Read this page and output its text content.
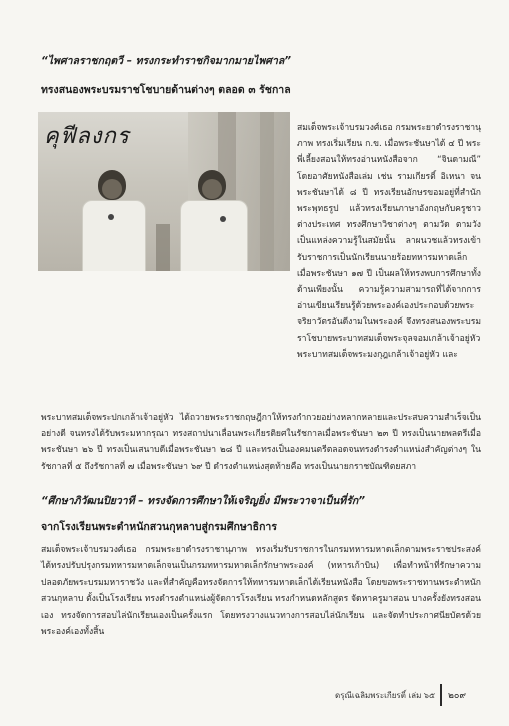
“ไพศาลราชกฤตวี – ทรงกระทำราชกิจมากมายไพศาล”
ทรงสนองพระบรมราชโชบายด้านต่างๆ ตลอด ๓ รัชกาล
คุฟีลงกร	สมเด็จพระเจ้าบรมวงศ์เธอ กรมพระยาดำรงราชานุภาพ ทรงเริ่มเรียน ก.ข. เมื่อพระชันษาได้ ๔ ปี พระพี่เลี้ยงสอนให้ทรงอ่านหนังสือจาก “จินดามณี” โดยอาศัยหนังสือเล่ม เช่น รามเกียรติ์ อิเหนา จนพระชันษาได้ ๘ ปี ทรงเรียนอักษรขอมอยู่ที่สำนักพระพุทธรูป แล้วทรงเรียนภาษาอังกฤษกับครูชาวต่างประเทศ ทรงศึกษาวิชาต่างๆ ตามวัด ตามวัง เป็นแหล่งความรู้ในสมัยนั้น ลาผนวชแล้วทรงเข้ารับราชการเป็นนักเรียนนายร้อยทหารมหาดเล็กเมื่อพระชันษา ๑๗ ปี เป็นผลให้ทรงพบการศึกษาทั้งด้านเพียงนั้น ความรู้ความสามารถที่ได้จากการอ่านเขียนเรียนรู้ด้วยพระองค์เองประกอบด้วยพระจริยาวัตรอันดีงามในพระองค์ จึงทรงสนองพระบรมราโชบายพระบาทสมเด็จพระจุลจอมเกล้าเจ้าอยู่หัว พระบาทสมเด็จพระมงกุฎเกล้าเจ้าอยู่หัว และ
พระบาทสมเด็จพระปกเกล้าเจ้าอยู่หัว ได้ถวายพระราชกฤษฎีกาให้ทรงกำกวยอย่างหลากหลายและประสบความสำเร็จเป็นอย่างดี จนทรงได้รับพระมหากรุณา ทรงสถาปนาเลื่อนพระเกียรติยศในรัชกาลเมื่อพระชันษา ๒๓ ปี ทรงเป็นนายพลตรีเมื่อพระชันษา ๒๖ ปี ทรงเป็นเสนาบดีเมื่อพระชันษา ๒๘ ปี และทรงเป็นองคมนตรีตลอดจนทรงดำรงตำแหน่งสำคัญต่างๆ ในรัชกาลที่ ๕ ถึงรัชกาลที่ ๗ เมื่อพระชันษา ๖๙ ปี ดำรงตำแหน่งสุดท้ายคือ ทรงเป็นนายกราชบัณฑิตยสภา
“ศึกษาภิวัฒนปิยวาที – ทรงจัดการศึกษาให้เจริญยิ่ง มีพระวาจาเป็นที่รัก”
จากโรงเรียนพระตำหนักสวนกุหลาบสู่กรมศึกษาธิการ
สมเด็จพระเจ้าบรมวงศ์เธอ กรมพระยาดำรงราชานุภาพ ทรงเริ่มรับราชการในกรมทหารมหาดเล็กตามพระราชประสงค์ ได้ทรงปรับปรุงกรมทหารมหาดเล็กจนเป็นกรมทหารมหาดเล็กรักษาพระองค์ (ทหารเก้าบิน) เพื่อทำหน้าที่รักษาความปลอดภัยพระบรมมหาราชวัง และที่สำคัญคือทรงจัดการให้ทหารมหาดเล็กได้เรียนหนังสือ โดยขอพระราชทานพระตำหนักสวนกุหลาบ ตั้งเป็นโรงเรียน ทรงดำรงตำแหน่งผู้จัดการโรงเรียน ทรงกำหนดหลักสูตร จัดหาครูมาสอน บางครั้งยังทรงสอนเอง ทรงจัดการสอบไล่นักเรียนเองเป็นครั้งแรก โดยทรงวางแนวทางการสอบไล่นักเรียน และจัดทำประกาศนียบัตรด้วยพระองค์เองทั้งสิ้น
ดรุณีเฉลิมพระเกียรติ์ เล่ม ๖๕ ๒๐๙
